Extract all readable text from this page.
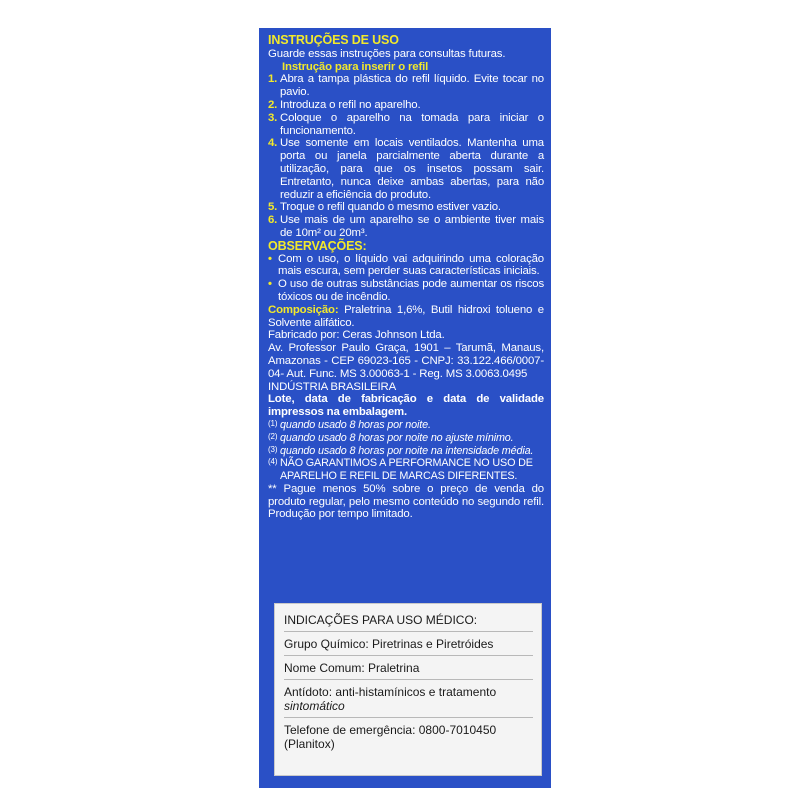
INSTRUÇÕES DE USO
Guarde essas instruções para consultas futuras.
Instrução para inserir o refil
1. Abra a tampa plástica do refil líquido. Evite tocar no pavio.
2. Introduza o refil no aparelho.
3. Coloque o aparelho na tomada para iniciar o funcionamento.
4. Use somente em locais ventilados. Mantenha uma porta ou janela parcialmente aberta durante a utilização, para que os insetos possam sair. Entretanto, nunca deixe ambas abertas, para não reduzir a eficiência do produto.
5. Troque o refil quando o mesmo estiver vazio.
6. Use mais de um aparelho se o ambiente tiver mais de 10m² ou 20m³.
OBSERVAÇÕES:
• Com o uso, o líquido vai adquirindo uma coloração mais escura, sem perder suas características iniciais.
• O uso de outras substâncias pode aumentar os riscos tóxicos ou de incêndio.
Composição: Praletrina 1,6%, Butil hidroxi tolueno e Solvente alifático.
Fabricado por: Ceras Johnson Ltda.
Av. Professor Paulo Graça, 1901 – Tarumã, Manaus, Amazonas - CEP 69023-165 - CNPJ: 33.122.466/0007-04- Aut. Func. MS 3.00063-1 - Reg. MS 3.0063.0495
INDÚSTRIA BRASILEIRA
Lote, data de fabricação e data de validade impressos na embalagem.
(1) quando usado 8 horas por noite.
(2) quando usado 8 horas por noite no ajuste mínimo.
(3) quando usado 8 horas por noite na intensidade média.
(4) NÃO GARANTIMOS A PERFORMANCE NO USO DE APARELHO E REFIL DE MARCAS DIFERENTES.
** Pague menos 50% sobre o preço de venda do produto regular, pelo mesmo conteúdo no segundo refil. Produção por tempo limitado.
INDICAÇÕES PARA USO MÉDICO:
Grupo Químico: Piretrinas e Piretróides
Nome Comum: Praletrina
Antídoto: anti-histamínicos e tratamento
sintomático
Telefone de emergência: 0800-7010450
(Planitox)
